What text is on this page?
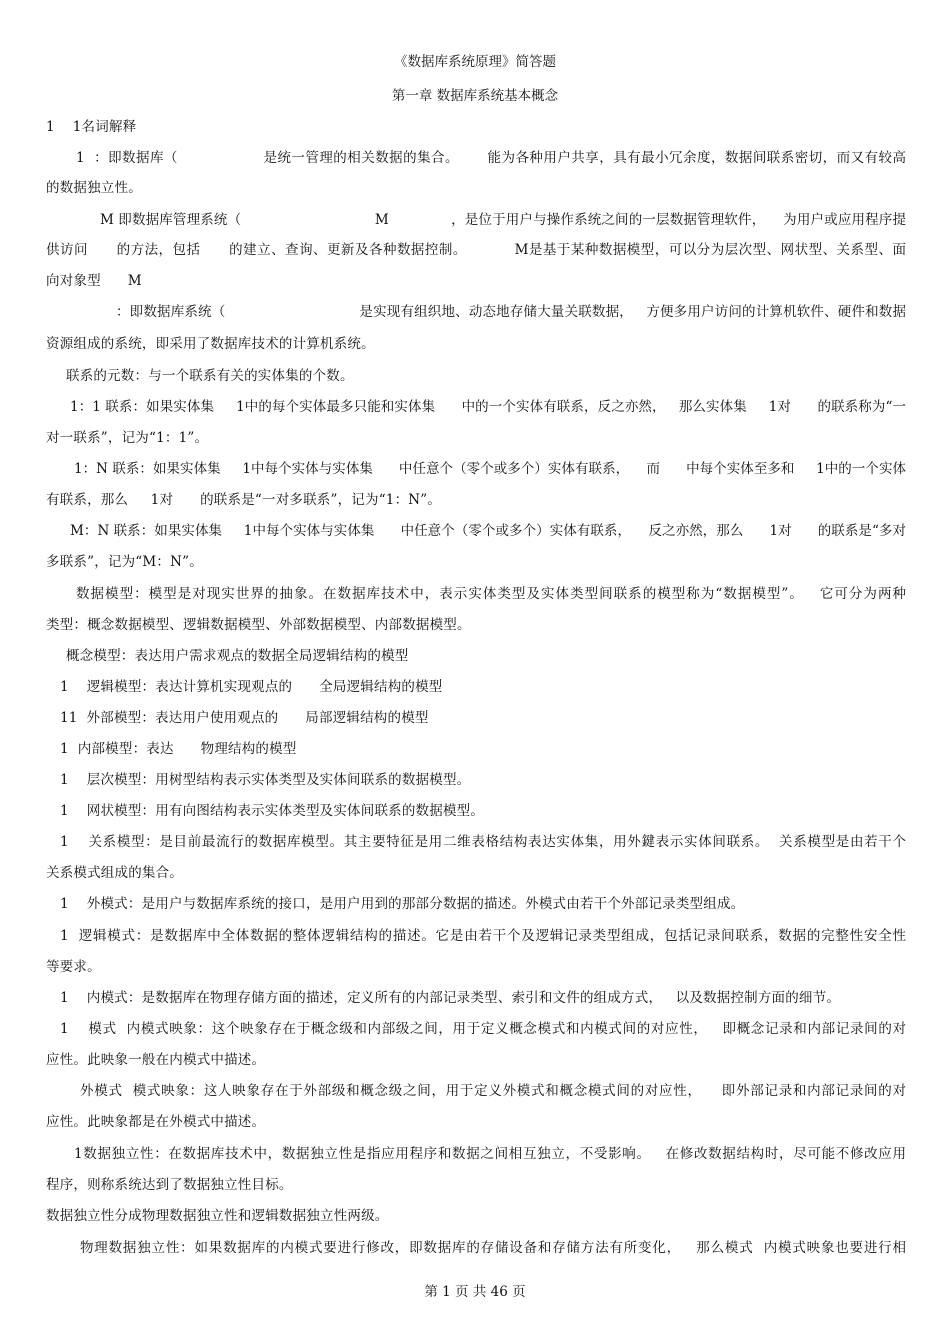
《数据库系统原理》简答题
第一章 数据库系统基本概念
1    1名词解释
1  ：即数据库（                  是统一管理的相关数据的集合。      能为各种用户共享，具有最小冗余度，数据间联系密切，而又有较高
的数据独立性。
M 即数据库管理系统（                              M              ，是位于用户与操作系统之间的一层数据管理软件，    为用户或应用程序提
供访问      的方法，包括      的建立、查询、更新及各种数据控制。          M是基于某种数据模型，可以分为层次型、网状型、关系型、面
向对象型      M
：即数据库系统（                              是实现有组织地、动态地存储大量关联数据，   方便多用户访问的计算机软件、硬件和数据
资源组成的系统，即采用了数据库技术的计算机系统。
联系的元数：与一个联系有关的实体集的个数。
1：1 联系：如果实体集     1中的每个实体最多只能和实体集      中的一个实体有联系，反之亦然，   那么实体集     1对      的联系称为“一
对一联系”，记为“1：1”。
1：N 联系：如果实体集     1中每个实体与实体集      中任意个（零个或多个）实体有联系，    而      中每个实体至多和     1中的一个实体
有联系，那么     1对      的联系是“一对多联系”，记为“1：N”。
M：N 联系：如果实体集     1中每个实体与实体集      中任意个（零个或多个）实体有联系，    反之亦然，那么      1对      的联系是“多对
多联系”，记为“M：N”。
数据模型：模型是对现实世界的抽象。在数据库技术中，表示实体类型及实体类型间联系的模型称为“数据模型”。   它可分为两种
类型：概念数据模型、逻辑数据模型、外部数据模型、内部数据模型。
概念模型：表达用户需求观点的数据全局逻辑结构的模型
1    逻辑模型：表达计算机实现观点的      全局逻辑结构的模型
11  外部模型：表达用户使用观点的      局部逻辑结构的模型
1  内部模型：表达      物理结构的模型
1    层次模型：用树型结构表示实体类型及实体间联系的数据模型。
1    网状模型：用有向图结构表示实体类型及实体间联系的数据模型。
1    关系模型：是目前最流行的数据库模型。其主要特征是用二维表格结构表达实体集，用外鍵表示实体间联系。  关系模型是由若干个
关系模式组成的集合。
1    外模式：是用户与数据库系统的接口，是用户用到的那部分数据的描述。外模式由若干个外部记录类型组成。
1  逻辑模式：是数据库中全体数据的整体逻辑结构的描述。它是由若干个及逻辑记录类型组成，包括记录间联系，数据的完整性安全性
等要求。
1    内模式：是数据库在物理存储方面的描述，定义所有的内部记录类型、索引和文件的组成方式，   以及数据控制方面的细节。
1    模式  内模式映象：这个映象存在于概念级和内部级之间，用于定义概念模式和内模式间的对应性，   即概念记录和内部记录间的对
应性。此映象一般在内模式中描述。
外模式  模式映象：这人映象存在于外部级和概念级之间，用于定义外模式和概念模式间的对应性，    即外部记录和内部记录间的对
应性。此映象都是在外模式中描述。
1数据独立性：在数据库技术中，数据独立性是指应用程序和数据之间相互独立，不受影响。   在修改数据结构时，尽可能不修改应用
程序，则称系统达到了数据独立性目标。
数据独立性分成物理数据独立性和逻辑数据独立性两级。
物理数据独立性：如果数据库的内模式要进行修改，即数据库的存储设备和存储方法有所变化，   那么模式  内模式映象也要进行相
第 1 页 共 46 页
